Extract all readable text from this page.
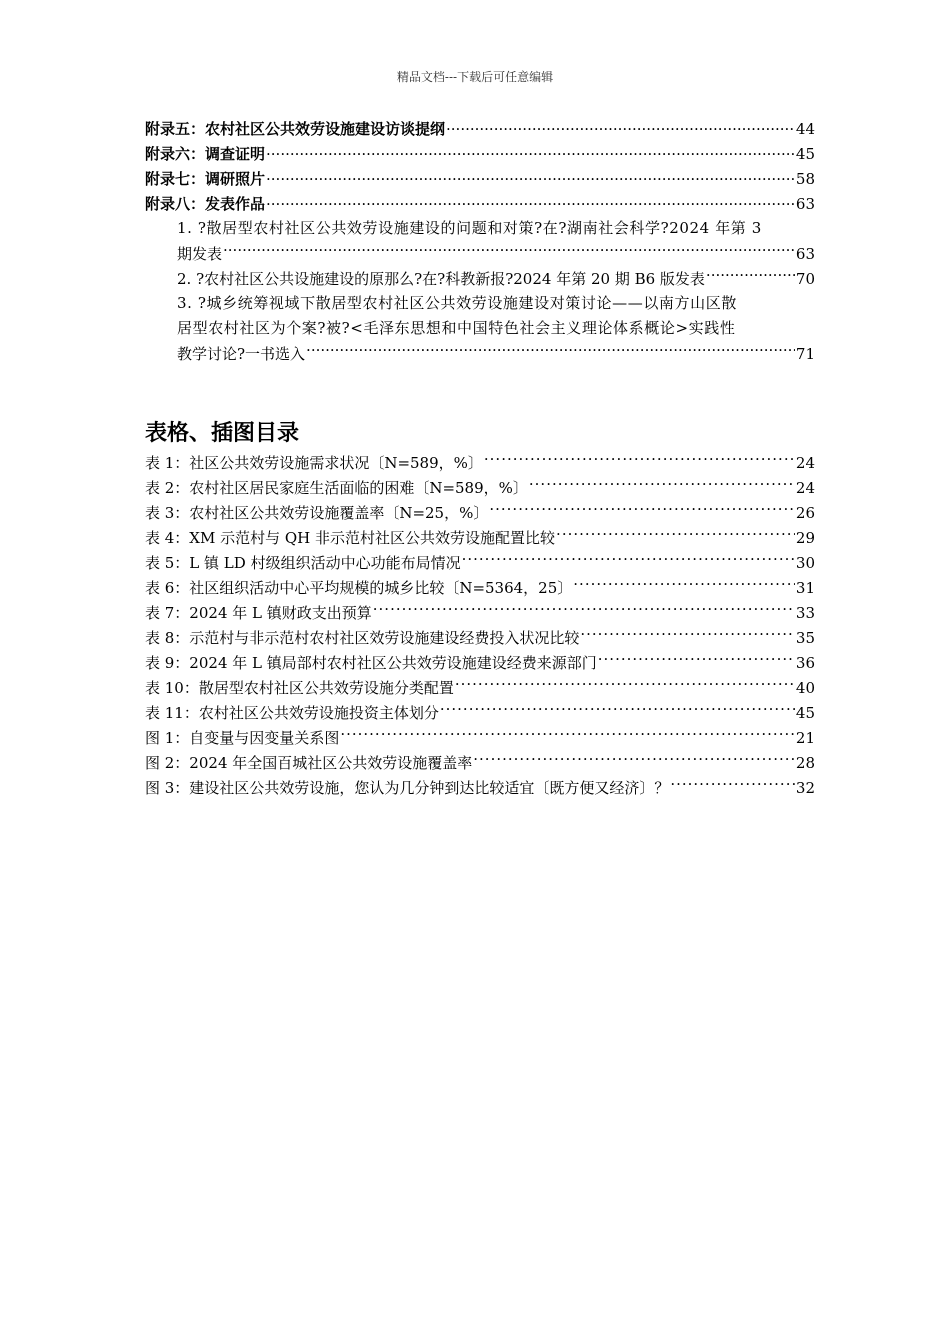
精品文档---下载后可任意编辑
附录五：农村社区公共效劳设施建设访谈提纲 .....	44
附录六：调查证明 .....	45
附录七：调研照片 .....	58
附录八：发表作品 .....	63
1. ?散居型农村社区公共效劳设施建设的问题和对策?在?湖南社会科学?2024 年第 3
期发表 .....	63
2. ?农村社区公共设施建设的原那么?在?科教新报?2024 年第 20 期 B6 版发表 .....	70
3. ?城乡统筹视域下散居型农村社区公共效劳设施建设对策讨论——以南方山区散
居型农村社区为个案?被?<毛泽东思想和中国特色社会主义理论体系概论>实践性
教学讨论?一书选入 .....	71
表格、插图目录
表 1：社区公共效劳设施需求状况〔N=589，%〕 ·····	24
表 2：农村社区居民家庭生活面临的困难〔N=589，%〕 ·····	24
表 3：农村社区公共效劳设施覆盖率〔N=25，%〕 ·····	26
表 4：XM 示范村与 QH 非示范村社区公共效劳设施配置比较 ·····	29
表 5：L 镇 LD 村级组织活动中心功能布局情况 ·····	30
表 6：社区组织活动中心平均规模的城乡比较〔N=5364，25〕 ·····	31
表 7：2024 年 L 镇财政支出预算 ·····	33
表 8：示范村与非示范村农村社区效劳设施建设经费投入状况比较 ·····	35
表 9：2024 年 L 镇局部村农村社区公共效劳设施建设经费来源部门 ·····	36
表 10：散居型农村社区公共效劳设施分类配置 ·····	40
表 11：农村社区公共效劳设施投资主体划分 ·····	45
图 1：自变量与因变量关系图 ·····	21
图 2：2024 年全国百城社区公共效劳设施覆盖率 ·····	28
图 3：建设社区公共效劳设施，您认为几分钟到达比较适宜〔既方便又经济〕？ ·····	32
